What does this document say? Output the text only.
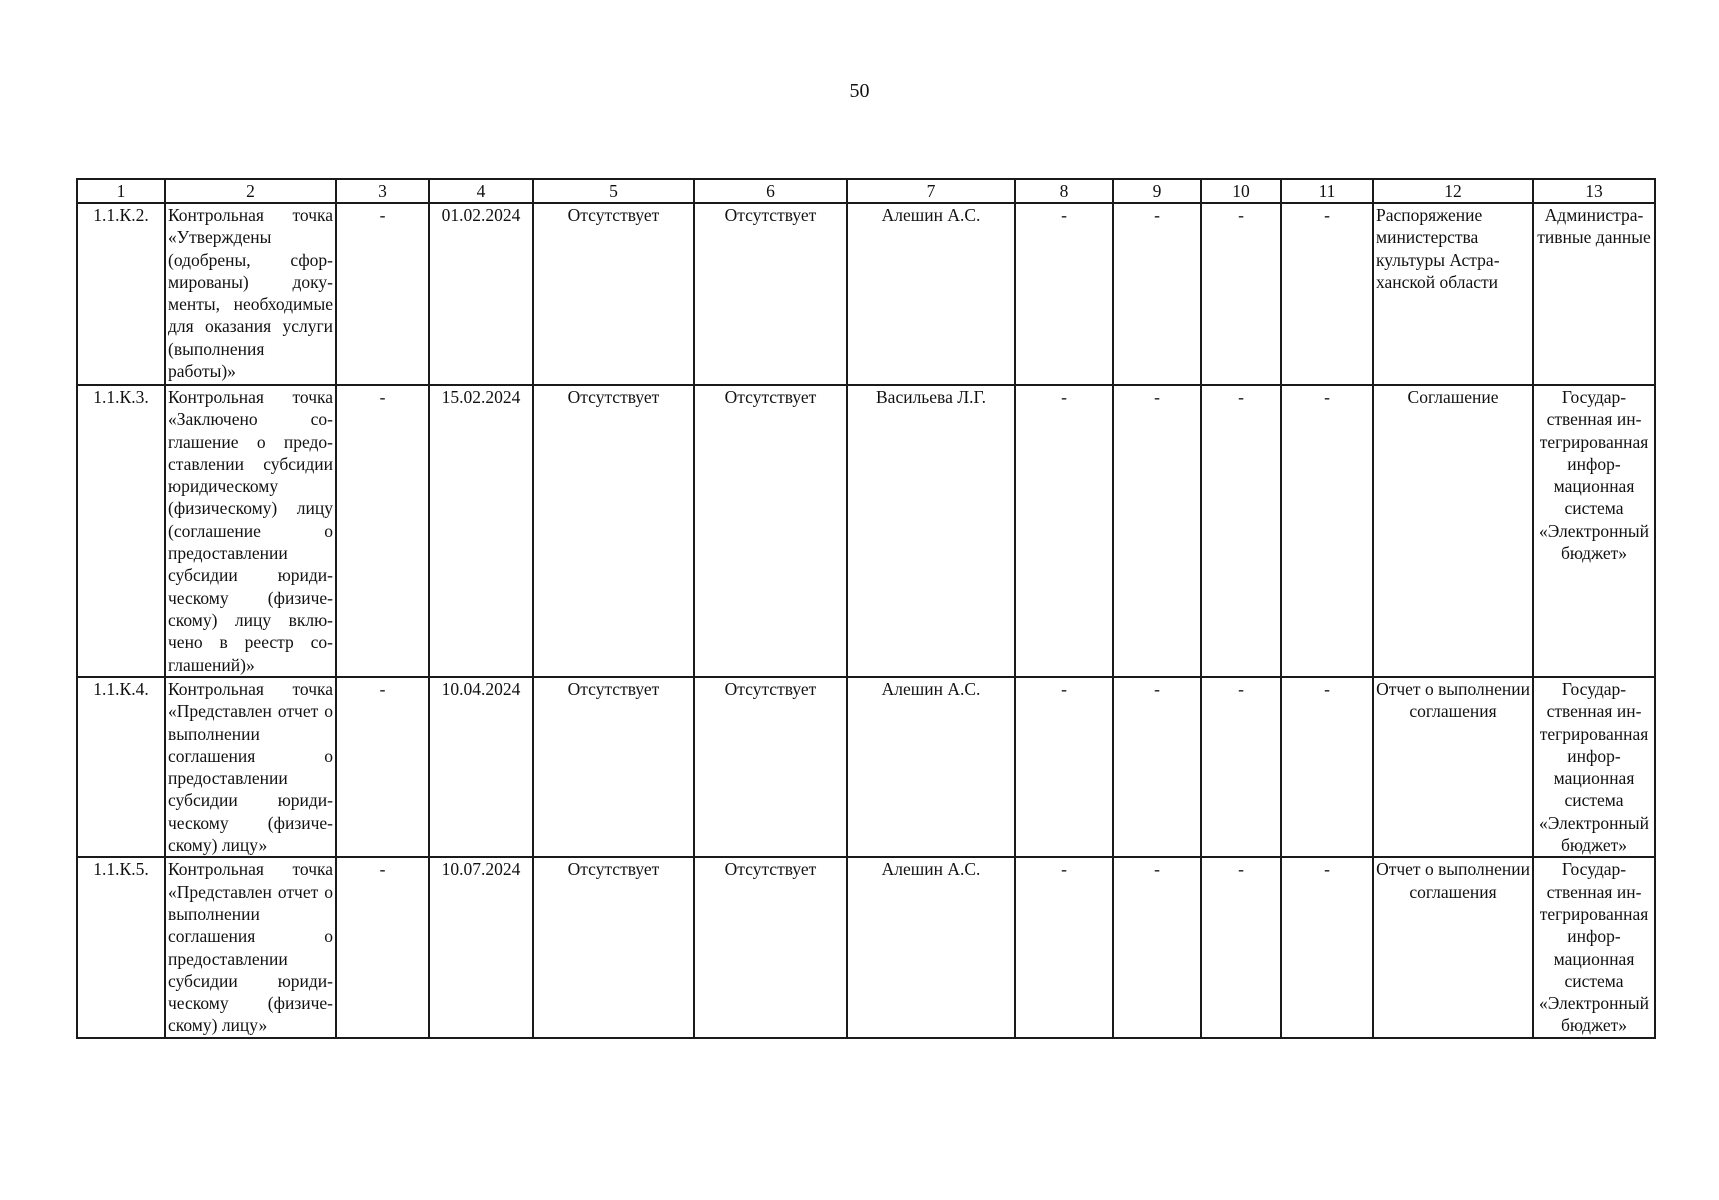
50
1	2	3	4	5	6	7	8	9	10	11	12	13
1.1.К.2.	Контрольная точка «Утверждены (одобрены, сформированы) документы, необходимые для оказания услуги (выполнения работы)»	-	01.02.2024	Отсутствует	Отсутствует	Алешин А.С.	-	-	-	-	Распоряжение министерства культуры Астраханской области	Административные данные
1.1.К.3.	Контрольная точка «Заключено соглашение о предоставлении субсидии юридическому (физическому) лицу (соглашение о предоставлении субсидии юридическому (физическому) лицу включено в реестр соглашений)»	-	15.02.2024	Отсутствует	Отсутствует	Васильева Л.Г.	-	-	-	-	Соглашение	Государственная интегрированная информационная система «Электронный бюджет»
1.1.К.4.	Контрольная точка «Представлен отчет о выполнении соглашения о предоставлении субсидии юридическому (физическому) лицу»	-	10.04.2024	Отсутствует	Отсутствует	Алешин А.С.	-	-	-	-	Отчет о выполнении соглашения	Государственная интегрированная информационная система «Электронный бюджет»
1.1.К.5.	Контрольная точка «Представлен отчет о выполнении соглашения о предоставлении субсидии юридическому (физическому) лицу»	-	10.07.2024	Отсутствует	Отсутствует	Алешин А.С.	-	-	-	-	Отчет о выполнении соглашения	Государственная интегрированная информационная система «Электронный бюджет»
